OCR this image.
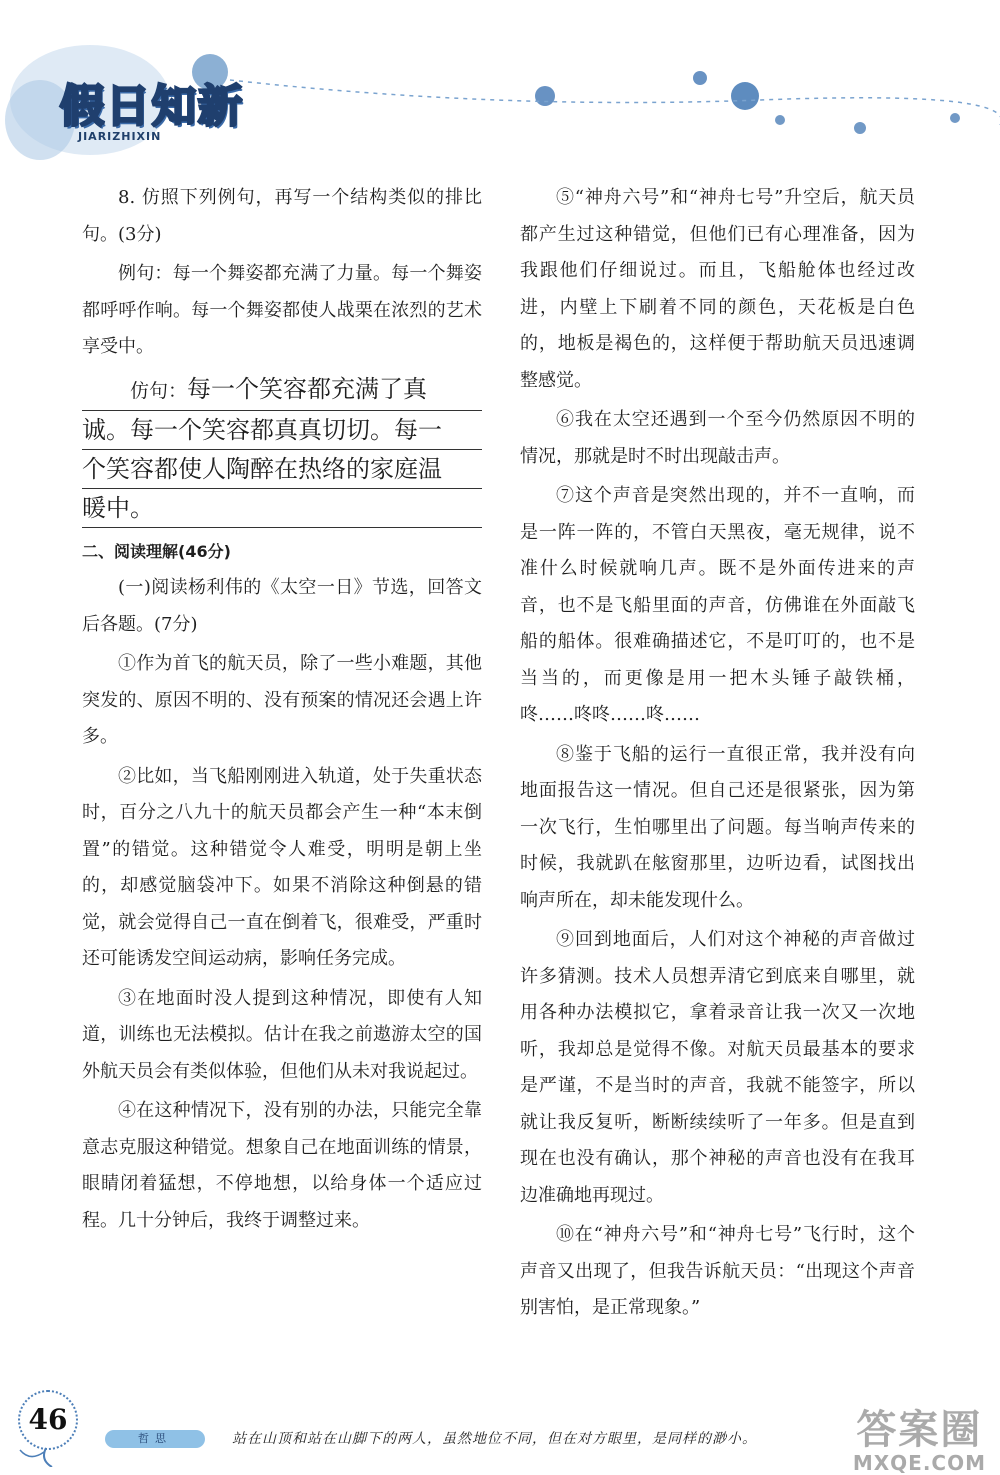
假日知新
JIARIZHIXIN

8. 仿照下列例句，再写一个结构类似的排比句。(3分)

例句：每一个舞姿都充满了力量。每一个舞姿都呼呼作响。每一个舞姿都使人战栗在浓烈的艺术享受中。

仿句：每一个笑容都充满了真

诚。每一个笑容都真真切切。每一

个笑容都使人陶醉在热络的家庭温

暖中。

二、阅读理解(46分)

(一)阅读杨利伟的《太空一日》节选，回答文后各题。(7分)

①作为首飞的航天员，除了一些小难题，其他突发的、原因不明的、没有预案的情况还会遇上许多。

②比如，当飞船刚刚进入轨道，处于失重状态时，百分之八九十的航天员都会产生一种“本末倒置”的错觉。这种错觉令人难受，明明是朝上坐的，却感觉脑袋冲下。如果不消除这种倒悬的错觉，就会觉得自己一直在倒着飞，很难受，严重时还可能诱发空间运动病，影响任务完成。

③在地面时没人提到这种情况，即使有人知道，训练也无法模拟。估计在我之前遨游太空的国外航天员会有类似体验，但他们从未对我说起过。

④在这种情况下，没有别的办法，只能完全靠意志克服这种错觉。想象自己在地面训练的情景，眼睛闭着猛想，不停地想，以给身体一个适应过程。几十分钟后，我终于调整过来。

⑤“神舟六号”和“神舟七号”升空后，航天员都产生过这种错觉，但他们已有心理准备，因为我跟他们仔细说过。而且，飞船舱体也经过改进，内壁上下刷着不同的颜色，天花板是白色的，地板是褐色的，这样便于帮助航天员迅速调整感觉。

⑥我在太空还遇到一个至今仍然原因不明的情况，那就是时不时出现敲击声。

⑦这个声音是突然出现的，并不一直响，而是一阵一阵的，不管白天黑夜，毫无规律，说不准什么时候就响几声。既不是外面传进来的声音，也不是飞船里面的声音，仿佛谁在外面敲飞船的船体。很难确描述它，不是叮叮的，也不是当当的，而更像是用一把木头锤子敲铁桶，咚……咚咚……咚……

⑧鉴于飞船的运行一直很正常，我并没有向地面报告这一情况。但自己还是很紧张，因为第一次飞行，生怕哪里出了问题。每当响声传来的时候，我就趴在舷窗那里，边听边看，试图找出响声所在，却未能发现什么。

⑨回到地面后，人们对这个神秘的声音做过许多猜测。技术人员想弄清它到底来自哪里，就用各种办法模拟它，拿着录音让我一次又一次地听，我却总是觉得不像。对航天员最基本的要求是严谨，不是当时的声音，我就不能签字，所以就让我反复听，断断续续听了一年多。但是直到现在也没有确认，那个神秘的声音也没有在我耳边准确地再现过。

⑩在“神舟六号”和“神舟七号”飞行时，这个声音又出现了，但我告诉航天员：“出现这个声音别害怕，是正常现象。”

46
哲思	站在山顶和站在山脚下的两人，虽然地位不同，但在对方眼里，是同样的渺小。 答案圈
MXQE.COM
